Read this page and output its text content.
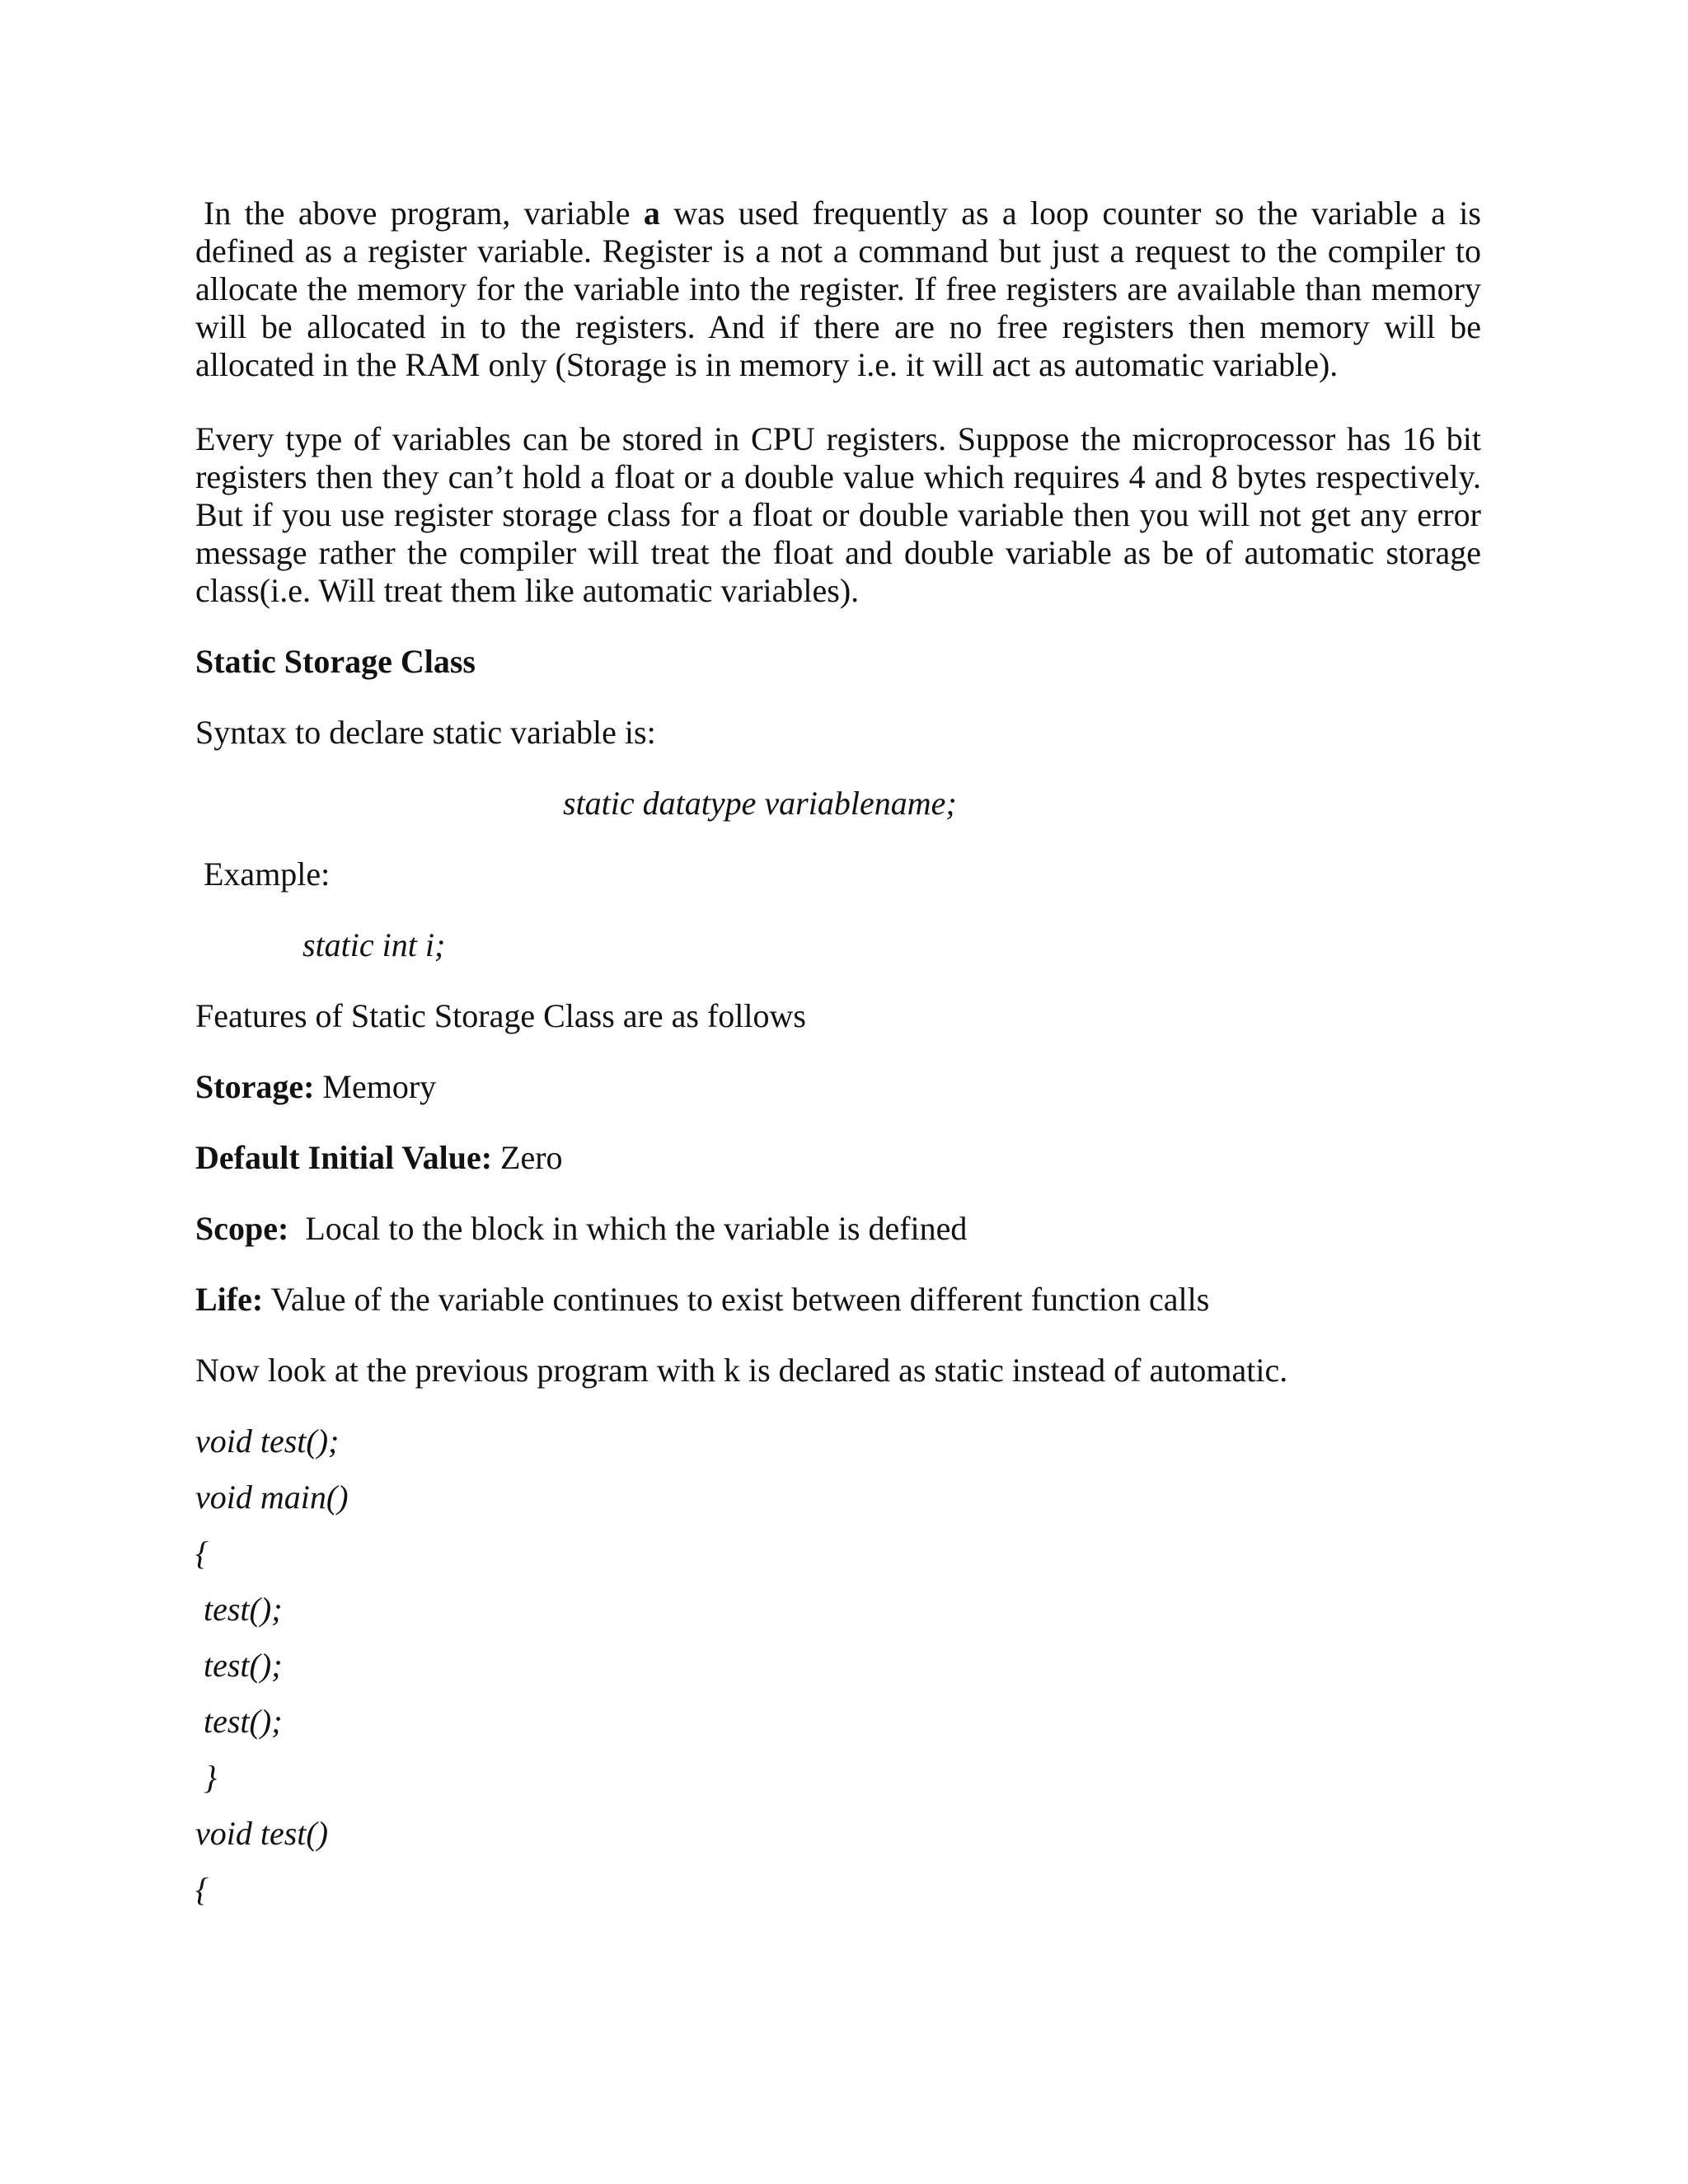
In the above program, variable a was used frequently as a loop counter so the variable a is defined as a register variable. Register is a not a command but just a request to the compiler to allocate the memory for the variable into the register. If free registers are available than memory will be allocated in to the registers. And if there are no free registers then memory will be allocated in the RAM only (Storage is in memory i.e. it will act as automatic variable).

Every type of variables can be stored in CPU registers. Suppose the microprocessor has 16 bit registers then they can’t hold a float or a double value which requires 4 and 8 bytes respectively. But if you use register storage class for a float or double variable then you will not get any error message rather the compiler will treat the float and double variable as be of automatic storage class(i.e. Will treat them like automatic variables).

Static Storage Class
Syntax to declare static variable is:
static datatype variablename;
Example:
static int i;
Features of Static Storage Class are as follows
Storage: Memory
Default Initial Value: Zero
Scope:  Local to the block in which the variable is defined
Life: Value of the variable continues to exist between different function calls
Now look at the previous program with k is declared as static instead of automatic.
void test();
void main()
{
test();
test();
test();
}
void test()
{
